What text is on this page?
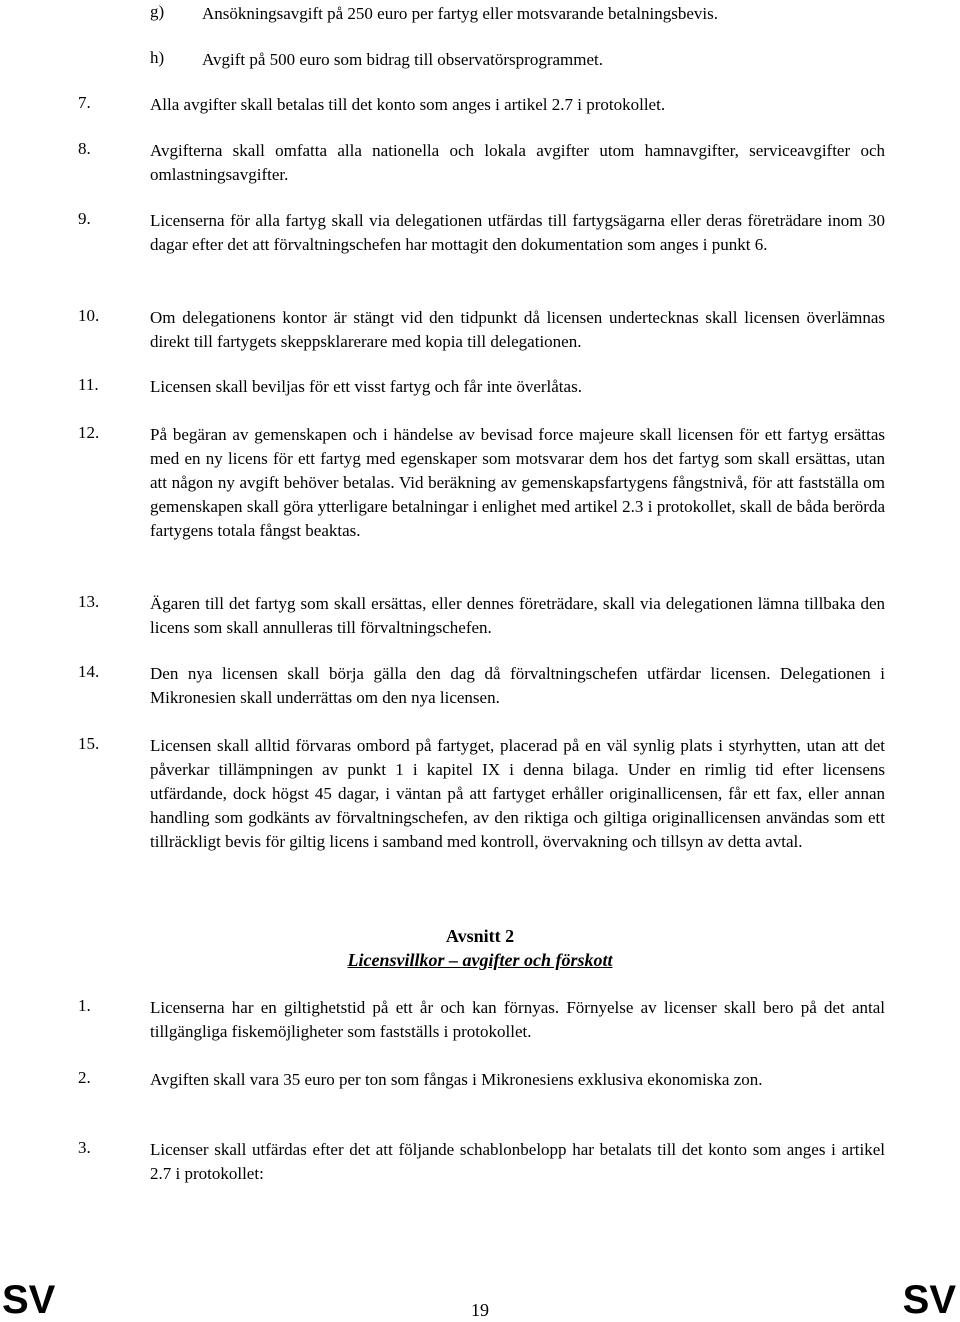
g) Ansökningsavgift på 250 euro per fartyg eller motsvarande betalningsbevis.
h) Avgift på 500 euro som bidrag till observatörsprogrammet.
7.	Alla avgifter skall betalas till det konto som anges i artikel 2.7 i protokollet.
8.	Avgifterna skall omfatta alla nationella och lokala avgifter utom hamnavgifter, serviceavgifter och omlastningsavgifter.
9.	Licenserna för alla fartyg skall via delegationen utfärdas till fartygsägarna eller deras företrädare inom 30 dagar efter det att förvaltningschefen har mottagit den dokumentation som anges i punkt 6.
10.	Om delegationens kontor är stängt vid den tidpunkt då licensen undertecknas skall licensen överlämnas direkt till fartygets skeppsklarerare med kopia till delegationen.
11.	Licensen skall beviljas för ett visst fartyg och får inte överlåtas.
12.	På begäran av gemenskapen och i händelse av bevisad force majeure skall licensen för ett fartyg ersättas med en ny licens för ett fartyg med egenskaper som motsvarar dem hos det fartyg som skall ersättas, utan att någon ny avgift behöver betalas. Vid beräkning av gemenskapsfartygens fångstnivå, för att fastställa om gemenskapen skall göra ytterligare betalningar i enlighet med artikel 2.3 i protokollet, skall de båda berörda fartygens totala fångst beaktas.
13.	Ägaren till det fartyg som skall ersättas, eller dennes företrädare, skall via delegationen lämna tillbaka den licens som skall annulleras till förvaltningschefen.
14.	Den nya licensen skall börja gälla den dag då förvaltningschefen utfärdar licensen. Delegationen i Mikronesien skall underrättas om den nya licensen.
15.	Licensen skall alltid förvaras ombord på fartyget, placerad på en väl synlig plats i styrhytten, utan att det påverkar tillämpningen av punkt 1 i kapitel IX i denna bilaga. Under en rimlig tid efter licensens utfärdande, dock högst 45 dagar, i väntan på att fartyget erhåller originallicensen, får ett fax, eller annan handling som godkänts av förvaltningschefen, av den riktiga och giltiga originallicensen användas som ett tillräckligt bevis för giltig licens i samband med kontroll, övervakning och tillsyn av detta avtal.
Avsnitt 2
Licensvillkor – avgifter och förskott
1.	Licenserna har en giltighetstid på ett år och kan förnyas. Förnyelse av licenser skall bero på det antal tillgängliga fiskemöjligheter som fastställs i protokollet.
2.	Avgiften skall vara 35 euro per ton som fångas i Mikronesiens exklusiva ekonomiska zon.
3.	Licenser skall utfärdas efter det att följande schablonbelopp har betalats till det konto som anges i artikel 2.7 i protokollet:
SV	19	SV
